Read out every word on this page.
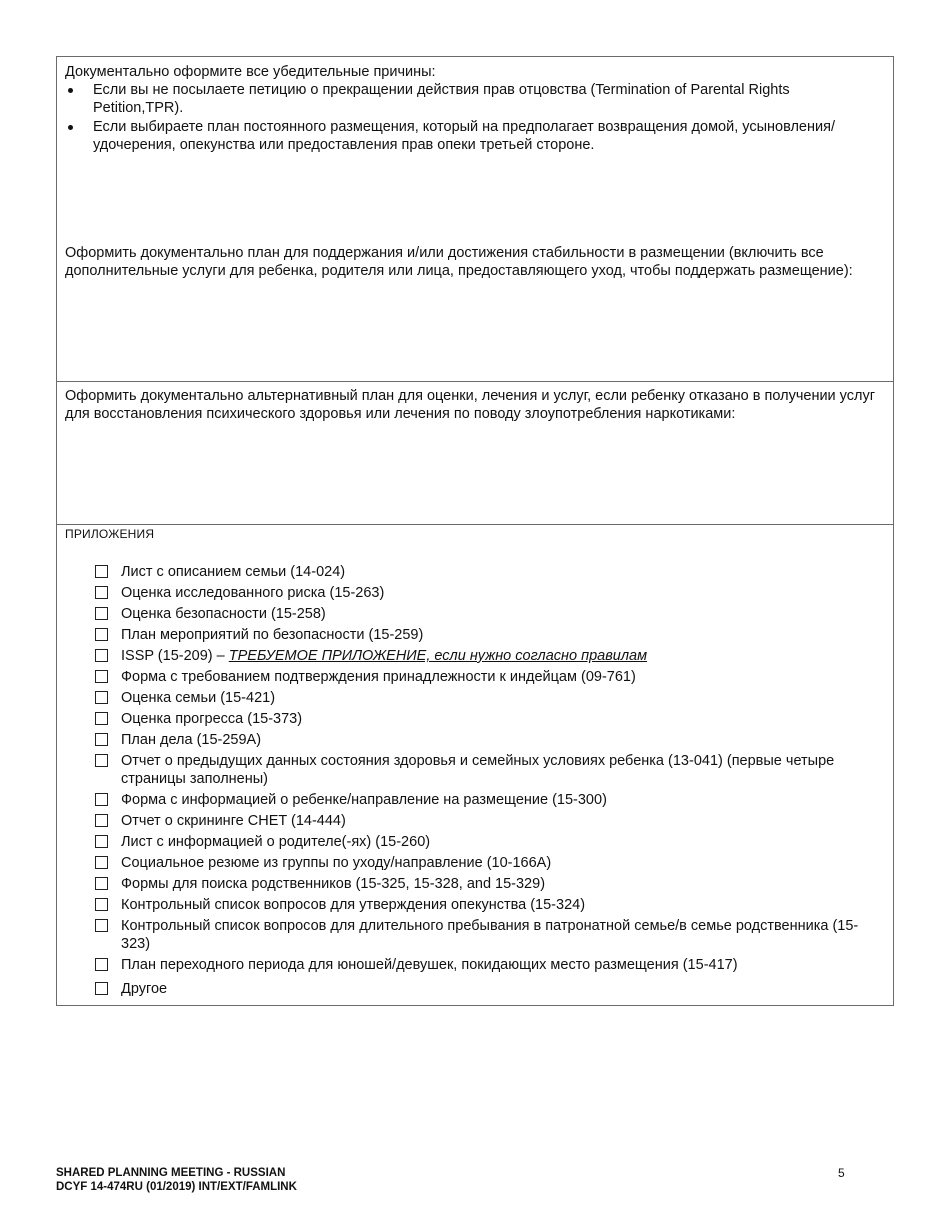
Документально оформите все убедительные причины:
Если вы не посылаете петицию о прекращении действия прав отцовства (Termination of Parental Rights Petition,TPR).
Если выбираете план постоянного размещения, который на предполагает возвращения домой, усыновления/удочерения, опекунства или предоставления прав опеки третьей стороне.
Оформить документально план для поддержания и/или достижения стабильности в размещении (включить все дополнительные услуги для ребенка, родителя или лица, предоставляющего уход, чтобы поддержать размещение):
Оформить документально альтернативный план для оценки, лечения и услуг, если ребенку отказано в получении услуг для восстановления психического здоровья или лечения по поводу злоупотребления наркотиками:
ПРИЛОЖЕНИЯ
Лист с описанием семьи (14-024)
Оценка исследованного риска (15-263)
Оценка безопасности (15-258)
План мероприятий по безопасности (15-259)
ISSP (15-209) – ТРЕБУЕМОЕ ПРИЛОЖЕНИЕ, если нужно согласно правилам
Форма с требованием подтверждения принадлежности к индейцам (09-761)
Оценка семьи (15-421)
Оценка прогресса (15-373)
План дела (15-259A)
Отчет о предыдущих данных состояния здоровья и семейных условиях ребенка (13-041) (первые четыре страницы заполнены)
Форма с информацией о ребенке/направление на размещение (15-300)
Отчет о скрининге CHET (14-444)
Лист с информацией о родителе(-ях) (15-260)
Социальное резюме из группы по уходу/направление (10-166A)
Формы для поиска родственников (15-325, 15-328, and 15-329)
Контрольный список вопросов для утверждения опекунства (15-324)
Контрольный список вопросов для длительного пребывания в патронатной семье/в семье родственника (15-323)
План переходного периода для юношей/девушек, покидающих место размещения (15-417)
Другое
SHARED PLANNING MEETING - RUSSIAN
DCYF 14-474RU (01/2019) INT/EXT/FAMLINK
5
